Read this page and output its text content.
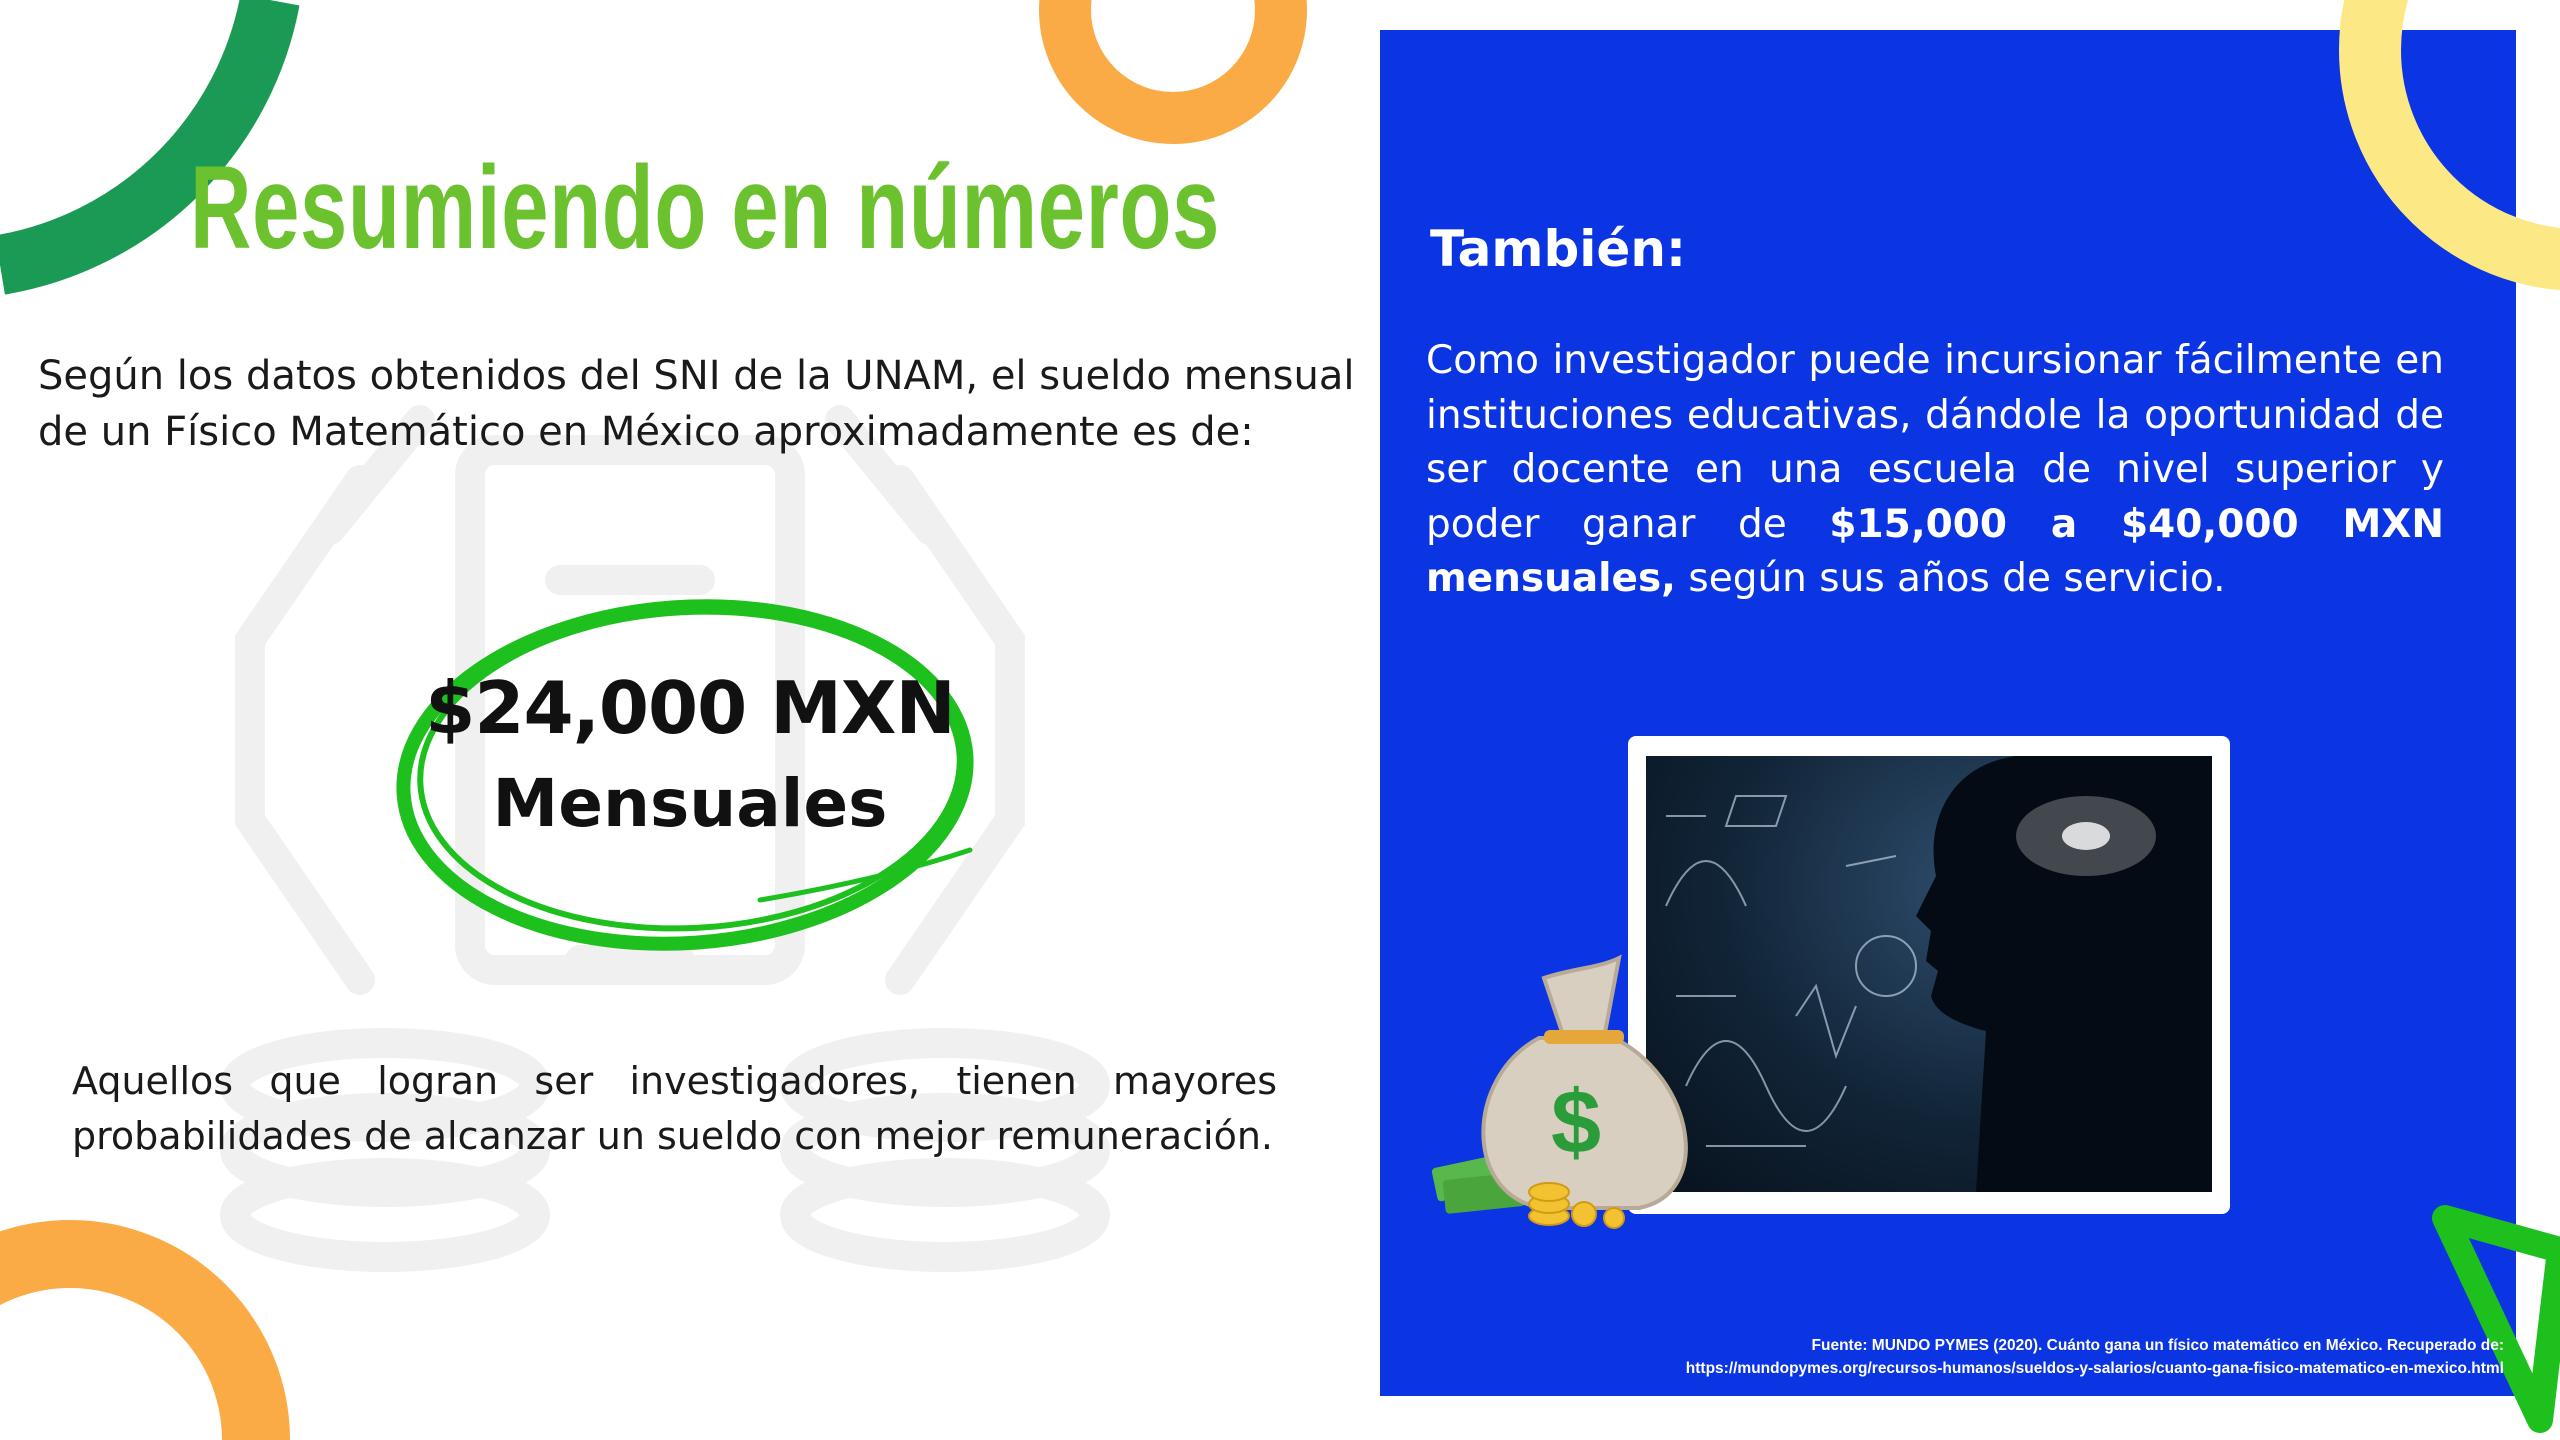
Resumiendo en números
Según los datos obtenidos del SNI de la UNAM, el sueldo mensual de un Físico Matemático en México aproximadamente es de:
$24,000 MXN
Mensuales
Aquellos que logran ser investigadores, tienen mayores probabilidades de alcanzar un sueldo con mejor remuneración.
También:
Como investigador puede incursionar fácilmente en instituciones educativas, dándole la oportunidad de ser docente en una escuela de nivel superior y poder ganar de $15,000 a $40,000 MXN mensuales, según sus años de servicio.
$
Fuente: MUNDO PYMES (2020). Cuánto gana un físico matemático en México. Recuperado de:
https://mundopymes.org/recursos-humanos/sueldos-y-salarios/cuanto-gana-fisico-matematico-en-mexico.html
